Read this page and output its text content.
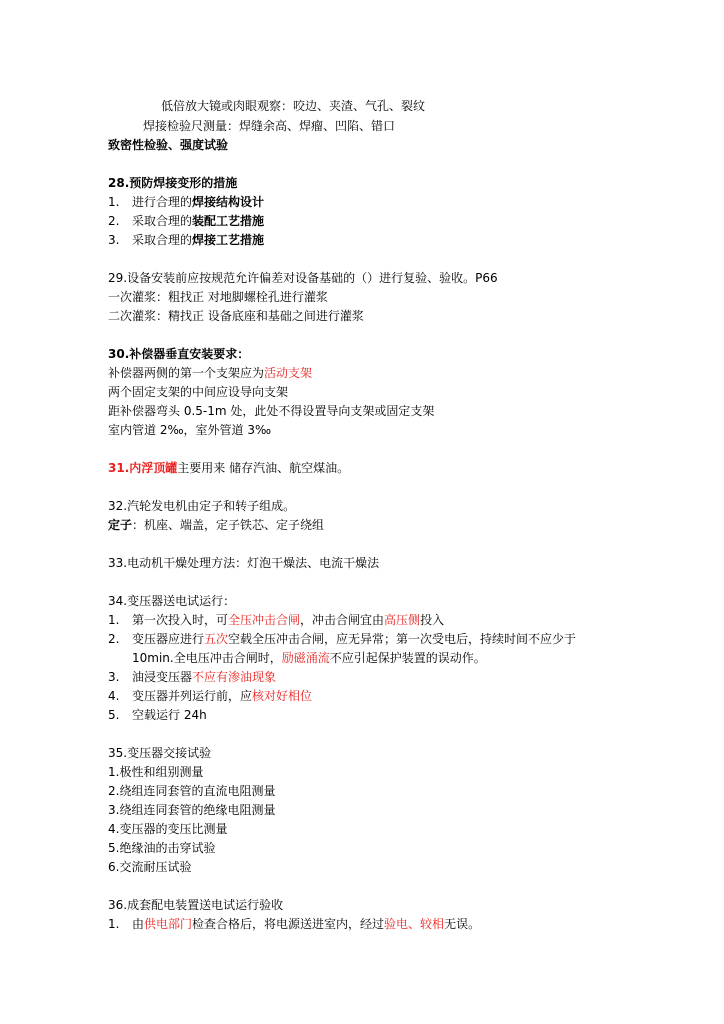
低倍放大镜或肉眼观察：咬边、夹渣、气孔、裂纹
焊接检验尺测量：焊缝余高、焊瘤、凹陷、错口
致密性检验、强度试验
28.预防焊接变形的措施
1. 进行合理的焊接结构设计
2. 采取合理的装配工艺措施
3. 采取合理的焊接工艺措施
29.设备安装前应按规范允许偏差对设备基础的（）进行复验、验收。P66
一次灌浆：粗找正 对地脚螺栓孔进行灌浆
二次灌浆：精找正 设备底座和基础之间进行灌浆
30.补偿器垂直安装要求：
补偿器两侧的第一个支架应为活动支架
两个固定支架的中间应设导向支架
距补偿器弯头 0.5-1m 处，此处不得设置导向支架或固定支架
室内管道 2‰，室外管道 3‰
31.内浮顶罐主要用来 储存汽油、航空煤油。
32.汽轮发电机由定子和转子组成。
定子：机座、端盖，定子铁芯、定子绕组
33.电动机干燥处理方法：灯泡干燥法、电流干燥法
34.变压器送电试运行：
1. 第一次投入时，可全压冲击合闸，冲击合闸宜由高压侧投入
2. 变压器应进行五次空载全压冲击合闸，应无异常；第一次受电后，持续时间不应少于
10min.全电压冲击合闸时，励磁涌流不应引起保护装置的误动作。
3. 油浸变压器不应有渗油现象
4. 变压器并列运行前，应核对好相位
5. 空载运行 24h
35.变压器交接试验
1.极性和组别测量
2.绕组连同套管的直流电阻测量
3.绕组连同套管的绝缘电阻测量
4.变压器的变压比测量
5.绝缘油的击穿试验
6.交流耐压试验
36.成套配电装置送电试运行验收
1. 由供电部门检查合格后，将电源送进室内，经过验电、较相无误。
